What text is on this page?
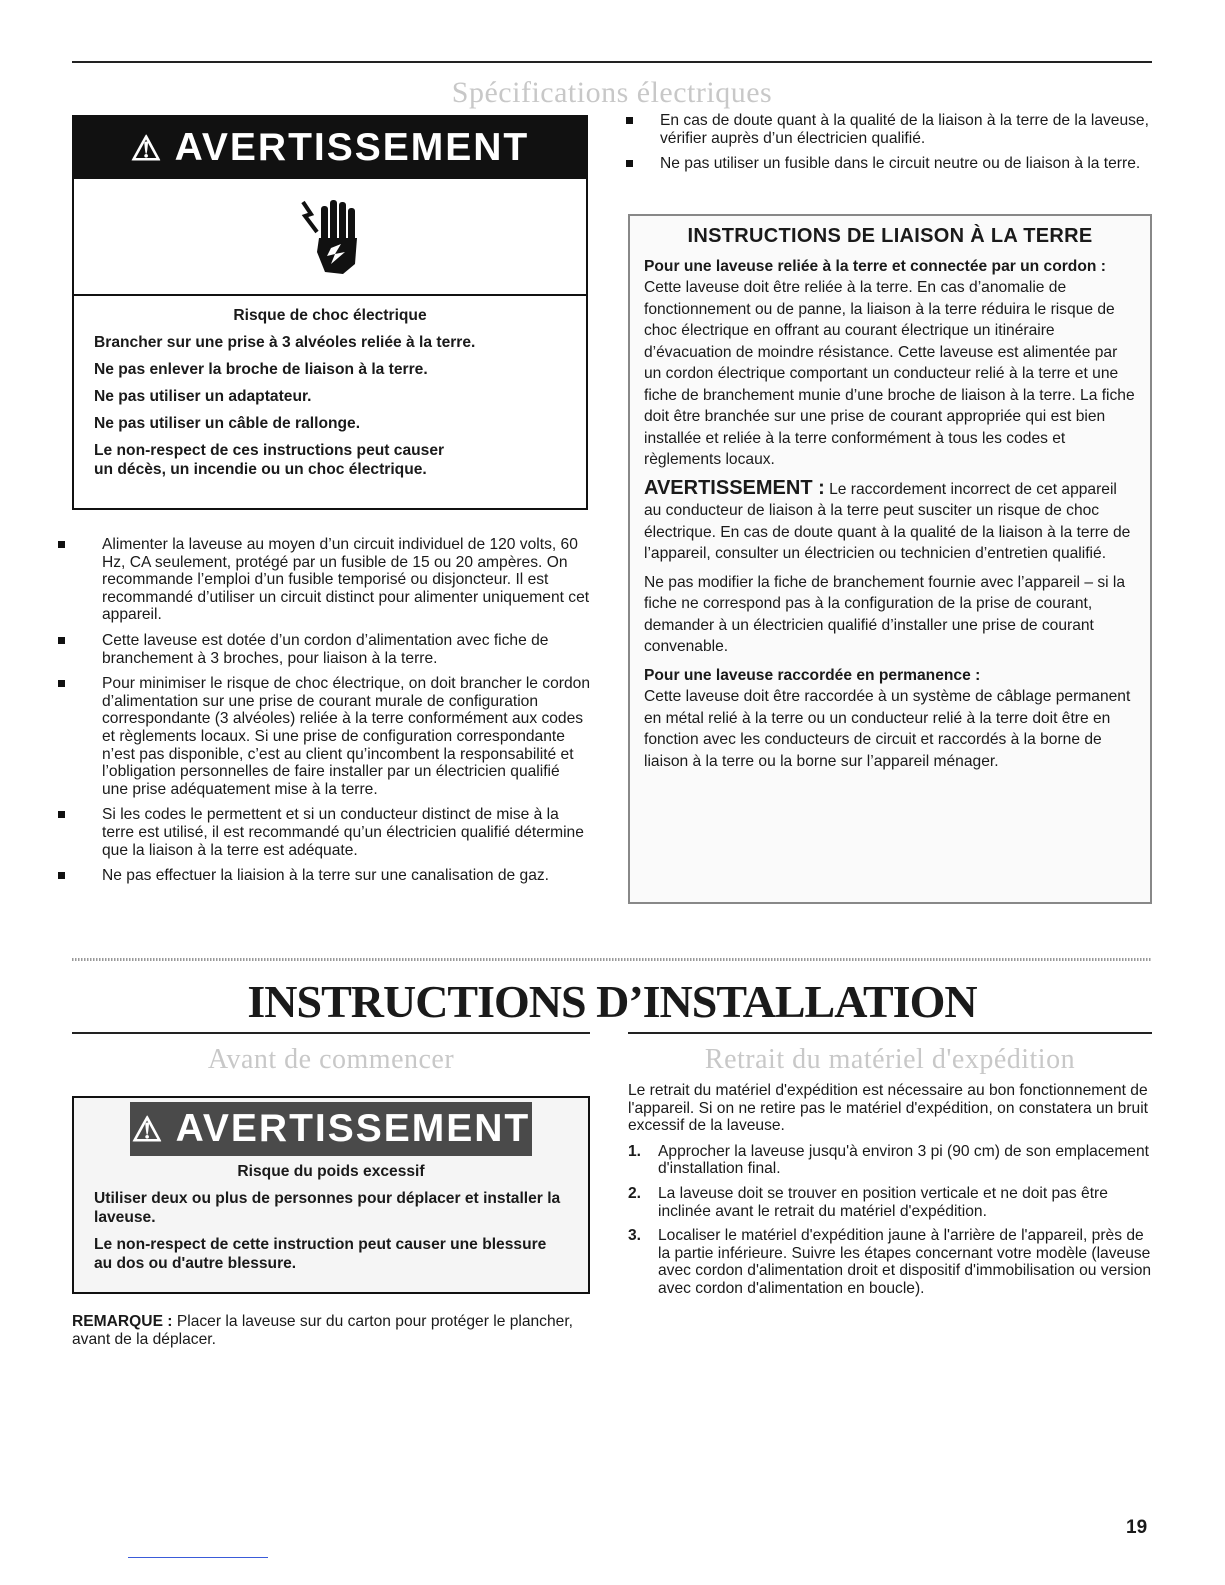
Spécifications électriques
⚠ AVERTISSEMENT

Risque de choc électrique

Brancher sur une prise à 3 alvéoles reliée à la terre.

Ne pas enlever la broche de liaison à la terre.

Ne pas utiliser un adaptateur.

Ne pas utiliser un câble de rallonge.

Le non-respect de ces instructions peut causer
un décès, un incendie ou un choc électrique.
Alimenter la laveuse au moyen d’un circuit individuel de 120 volts, 60 Hz, CA seulement, protégé par un fusible de 15 ou 20 ampères. On recommande l’emploi d’un fusible temporisé ou disjoncteur. Il est recommandé d’utiliser un circuit distinct pour alimenter uniquement cet appareil.
Cette laveuse est dotée d’un cordon d’alimentation avec fiche de branchement à 3 broches, pour liaison à la terre.
Pour minimiser le risque de choc électrique, on doit brancher le cordon d’alimentation sur une prise de courant murale de configuration correspondante (3 alvéoles) reliée à la terre conformément aux codes et règlements locaux. Si une prise de configuration correspondante n’est pas disponible, c’est au client qu’incombent la responsabilité et l’obligation personnelles de faire installer par un électricien qualifié une prise adéquatement mise à la terre.
Si les codes le permettent et si un conducteur distinct de mise à la terre est utilisé, il est recommandé qu’un électricien qualifié détermine que la liaison à la terre est adéquate.
Ne pas effectuer la liaision à la terre sur une canalisation de gaz.
En cas de doute quant à la qualité de la liaison à la terre de la laveuse, vérifier auprès d’un électricien qualifié.
Ne pas utiliser un fusible dans le circuit neutre ou de liaison à la terre.
INSTRUCTIONS DE LIAISON À LA TERRE

Pour une laveuse reliée à la terre et connectée par un cordon :
Cette laveuse doit être reliée à la terre. En cas d’anomalie de fonctionnement ou de panne, la liaison à la terre réduira le risque de choc électrique en offrant au courant électrique un itinéraire d’évacuation de moindre résistance. Cette laveuse est alimentée par un cordon électrique comportant un conducteur relié à la terre et une fiche de branchement munie d’une broche de liaison à la terre. La fiche doit être branchée sur une prise de courant appropriée qui est bien installée et reliée à la terre conformément à tous les codes et règlements locaux.

AVERTISSEMENT : Le raccordement incorrect de cet appareil au conducteur de liaison à la terre peut susciter un risque de choc électrique. En cas de doute quant à la qualité de la liaison à la terre de l’appareil, consulter un électricien ou technicien d’entretien qualifié.

Ne pas modifier la fiche de branchement fournie avec l’appareil – si la fiche ne correspond pas à la configuration de la prise de courant, demander à un électricien qualifié d’installer une prise de courant convenable.

Pour une laveuse raccordée en permanence :
Cette laveuse doit être raccordée à un système de câblage permanent en métal relié à la terre ou un conducteur relié à la terre doit être en fonction avec les conducteurs de circuit et raccordés à la borne de liaison à la terre ou la borne sur l’appareil ménager.

INSTRUCTIONS D’INSTALLATION
Avant de commencer
⚠ AVERTISSEMENT

Risque du poids excessif

Utiliser deux ou plus de personnes pour déplacer et installer la laveuse.

Le non-respect de cette instruction peut causer une blessure au dos ou d'autre blessure.

REMARQUE : Placer la laveuse sur du carton pour protéger le plancher, avant de la déplacer.
Retrait du matériel d'expédition

Le retrait du matériel d'expédition est nécessaire au bon fonctionnement de l'appareil. Si on ne retire pas le matériel d'expédition, on constatera un bruit excessif de la laveuse.

1. Approcher la laveuse jusqu'à environ 3 pi (90 cm) de son emplacement d'installation final.
2. La laveuse doit se trouver en position verticale et ne doit pas être inclinée avant le retrait du matériel d'expédition.
3. Localiser le matériel d'expédition jaune à l'arrière de l'appareil, près de la partie inférieure. Suivre les étapes concernant votre modèle (laveuse avec cordon d'alimentation droit et dispositif d'immobilisation ou version avec cordon d'alimentation en boucle).
19
